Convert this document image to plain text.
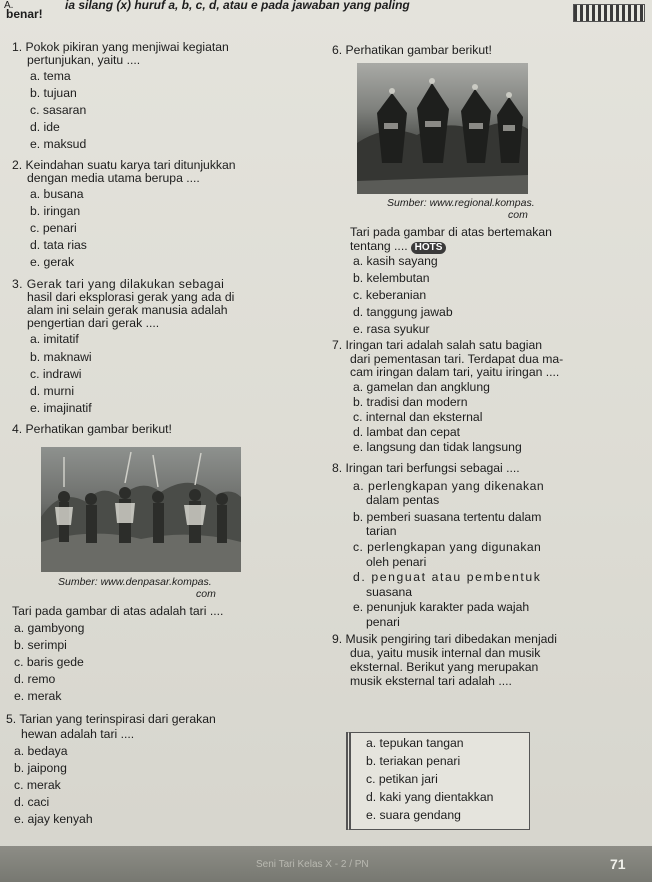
A.
benar!
ia silang (x) huruf a, b, c, d, atau e pada jawaban yang paling
1. Pokok pikiran yang menjiwai kegiatan
pertunjukan, yaitu ....
a. tema
b. tujuan
c. sasaran
d. ide
e. maksud
2. Keindahan suatu karya tari ditunjukkan
dengan media utama berupa ....
a. busana
b. iringan
c. penari
d. tata rias
e. gerak
3. Gerak tari yang dilakukan sebagai
hasil dari eksplorasi gerak yang ada di
alam ini selain gerak manusia adalah
pengertian dari gerak ....
a. imitatif
b. maknawi
c. indrawi
d. murni
e. imajinatif
4. Perhatikan gambar berikut!
Sumber: www.denpasar.kompas.
com
Tari pada gambar di atas adalah tari ....
a. gambyong
b. serimpi
c. baris gede
d. remo
e. merak
5. Tarian yang terinspirasi dari gerakan
hewan adalah tari ....
a. bedaya
b. jaipong
c. merak
d. caci
e. ajay kenyah
6. Perhatikan gambar berikut!
Sumber: www.regional.kompas.
com
Tari pada gambar di atas bertemakan
tentang .... HOTS
a. kasih sayang
b. kelembutan
c. keberanian
d. tanggung jawab
e. rasa syukur
7. Iringan tari adalah salah satu bagian
dari pementasan tari. Terdapat dua ma-
cam iringan dalam tari, yaitu iringan ....
a. gamelan dan angklung
b. tradisi dan modern
c. internal dan eksternal
d. lambat dan cepat
e. langsung dan tidak langsung
8. Iringan tari berfungsi sebagai ....
a. perlengkapan yang dikenakan
dalam pentas
b. pemberi suasana tertentu dalam
tarian
c. perlengkapan yang digunakan
oleh penari
d. penguat atau pembentuk
suasana
e. penunjuk karakter pada wajah
penari
9. Musik pengiring tari dibedakan menjadi
dua, yaitu musik internal dan musik
eksternal. Berikut yang merupakan
musik eksternal tari adalah ....
a. tepukan tangan
b. teriakan penari
c. petikan jari
d. kaki yang dientakkan
e. suara gendang
Seni Tari Kelas X - 2 / PN	71
